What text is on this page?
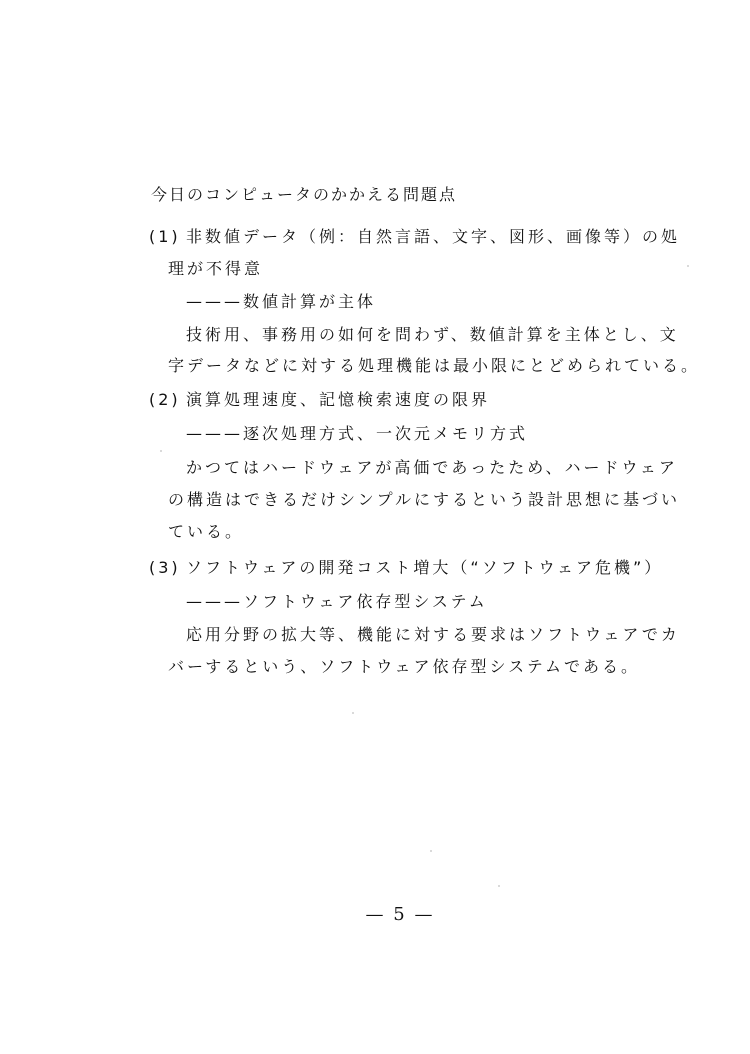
今日のコンピュータのかかえる問題点
(1) 非数値データ（例：自然言語、文字、図形、画像等）の処
理が不得意
———数値計算が主体
技術用、事務用の如何を問わず、数値計算を主体とし、文
字データなどに対する処理機能は最小限にとどめられている。
(2) 演算処理速度、記憶検索速度の限界
———逐次処理方式、一次元メモリ方式
かつてはハードウェアが高価であったため、ハードウェア
の構造はできるだけシンプルにするという設計思想に基づい
ている。
(3) ソフトウェアの開発コスト増大（“ソフトウェア危機”）
———ソフトウェア依存型システム
応用分野の拡大等、機能に対する要求はソフトウェアでカ
バーするという、ソフトウェア依存型システムである。
— 5 —
